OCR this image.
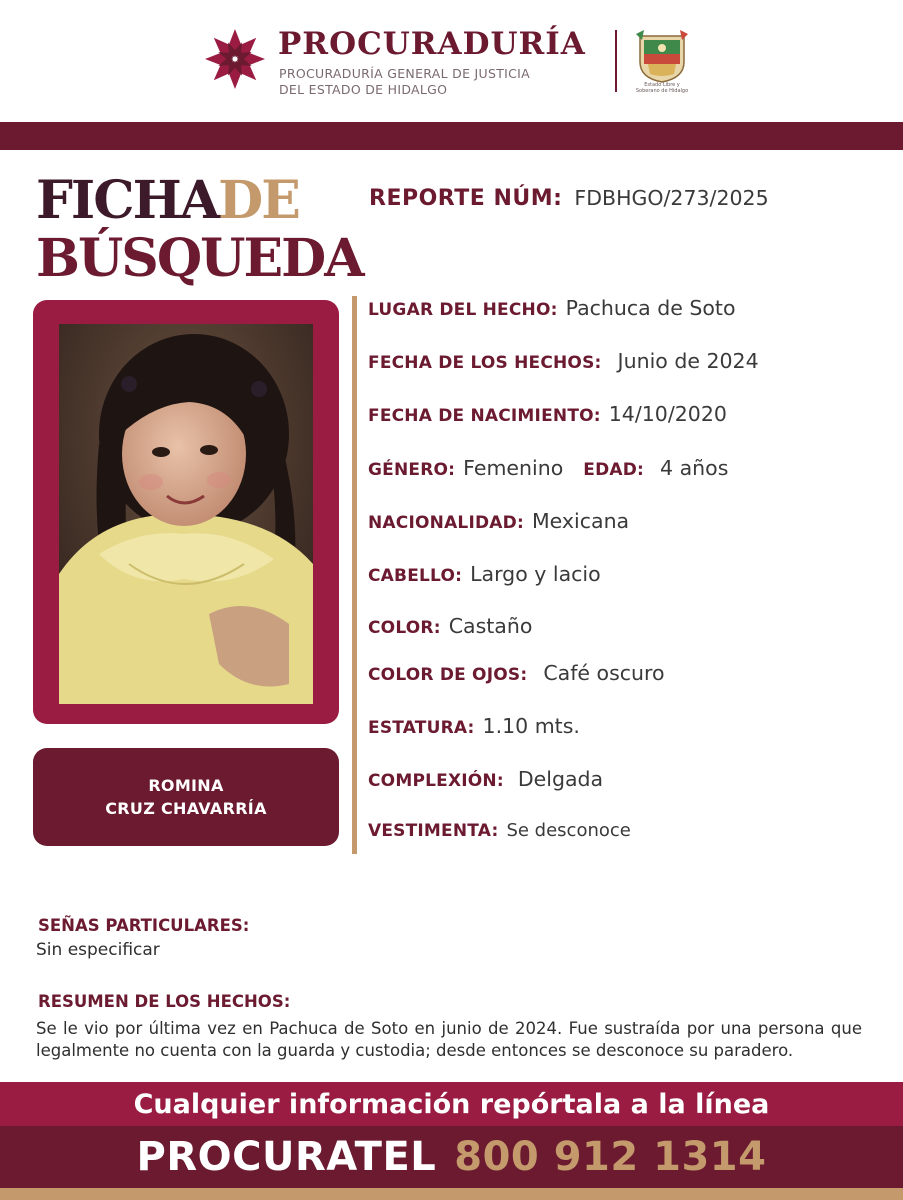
PROCURADURÍA
PROCURADURÍA GENERAL DE JUSTICIA
DEL ESTADO DE HIDALGO	Estado Libre y Soberano de Hidalgo
FICHADE
BÚSQUEDA
ROMINA
CRUZ CHAVARRÍA
REPORTE NÚM: FDBHGO/273/2025
LUGAR DEL HECHO: Pachuca de Soto
FECHA DE LOS HECHOS: Junio de 2024
FECHA DE NACIMIENTO: 14/10/2020
GÉNERO: Femenino EDAD: 4 años
NACIONALIDAD: Mexicana
CABELLO: Largo y lacio
COLOR: Castaño
COLOR DE OJOS: Café oscuro
ESTATURA: 1.10 mts.
COMPLEXIÓN: Delgada
VESTIMENTA: Se desconoce
SEÑAS PARTICULARES:
Sin especificar
RESUMEN DE LOS HECHOS:
Se le vio por última vez en Pachuca de Soto en junio de 2024. Fue sustraída por una persona que legalmente no cuenta con la guarda y custodia; desde entonces se desconoce su paradero.
Cualquier información repórtala a la línea
PROCURATEL 800 912 1314
